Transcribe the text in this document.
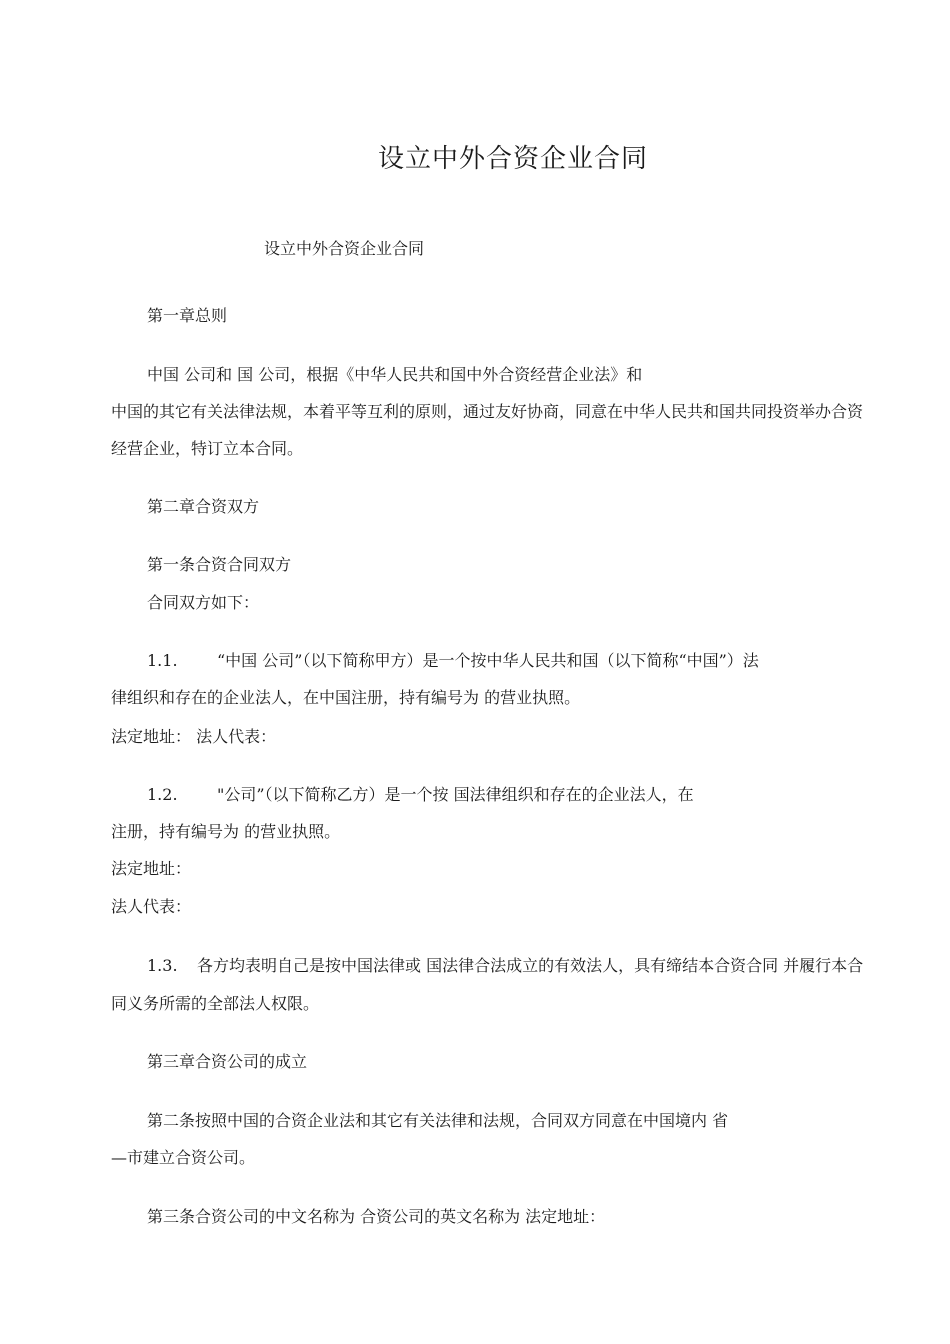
设立中外合资企业合同
设立中外合资企业合同
第一章总则
中国 公司和 国 公司，根据《中华人民共和国中外合资经营企业法》和
中国的其它有关法律法规，本着平等互利的原则，通过友好协商，同意在中华人民共和国共同投资举办合资
经营企业，特订立本合同。
第二章合资双方
第一条合资合同双方
合同双方如下：
1.1. “中国 公司”（以下简称甲方）是一个按中华人民共和国（以下简称“中国”）法
律组织和存在的企业法人，在中国注册，持有编号为 的营业执照。
法定地址： 法人代表：
1.2. "公司”（以下简称乙方）是一个按 国法律组织和存在的企业法人，在
注册，持有编号为 的营业执照。
法定地址：
法人代表：
1.3. 各方均表明自己是按中国法律或 国法律合法成立的有效法人，具有缔结本合资合同 并履行本合
同义务所需的全部法人权限。
第三章合资公司的成立
第二条按照中国的合资企业法和其它有关法律和法规，合同双方同意在中国境内 省
—市建立合资公司。
第三条合资公司的中文名称为 合资公司的英文名称为 法定地址：
